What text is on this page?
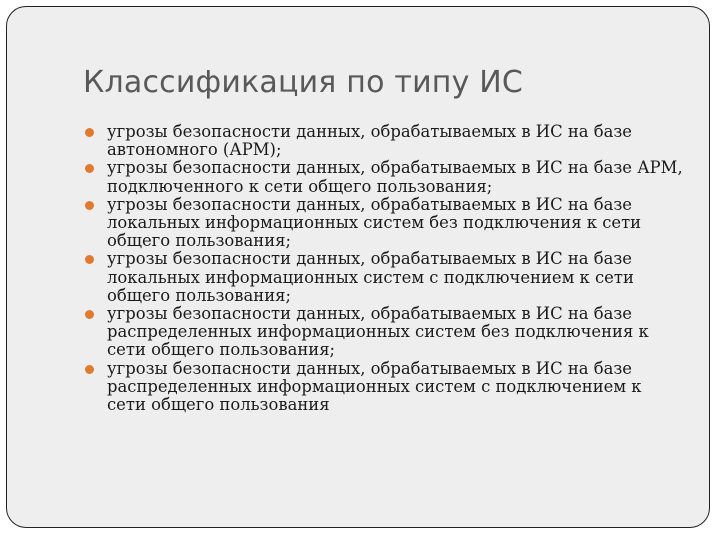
Классификация по типу ИС
угрозы безопасности данных, обрабатываемых в ИС на базе автономного (АРМ);
угрозы безопасности данных, обрабатываемых в ИС на базе АРМ, подключенного к сети общего пользования;
угрозы безопасности данных, обрабатываемых в ИС на базе локальных информационных систем без подключения к сети общего пользования;
угрозы безопасности данных, обрабатываемых в ИС на базе локальных информационных систем с подключением к сети общего пользования;
угрозы безопасности данных, обрабатываемых в ИС на базе распределенных информационных систем без подключения к сети общего пользования;
угрозы безопасности данных, обрабатываемых в ИС на базе распределенных информационных систем с подключением к сети общего пользования
